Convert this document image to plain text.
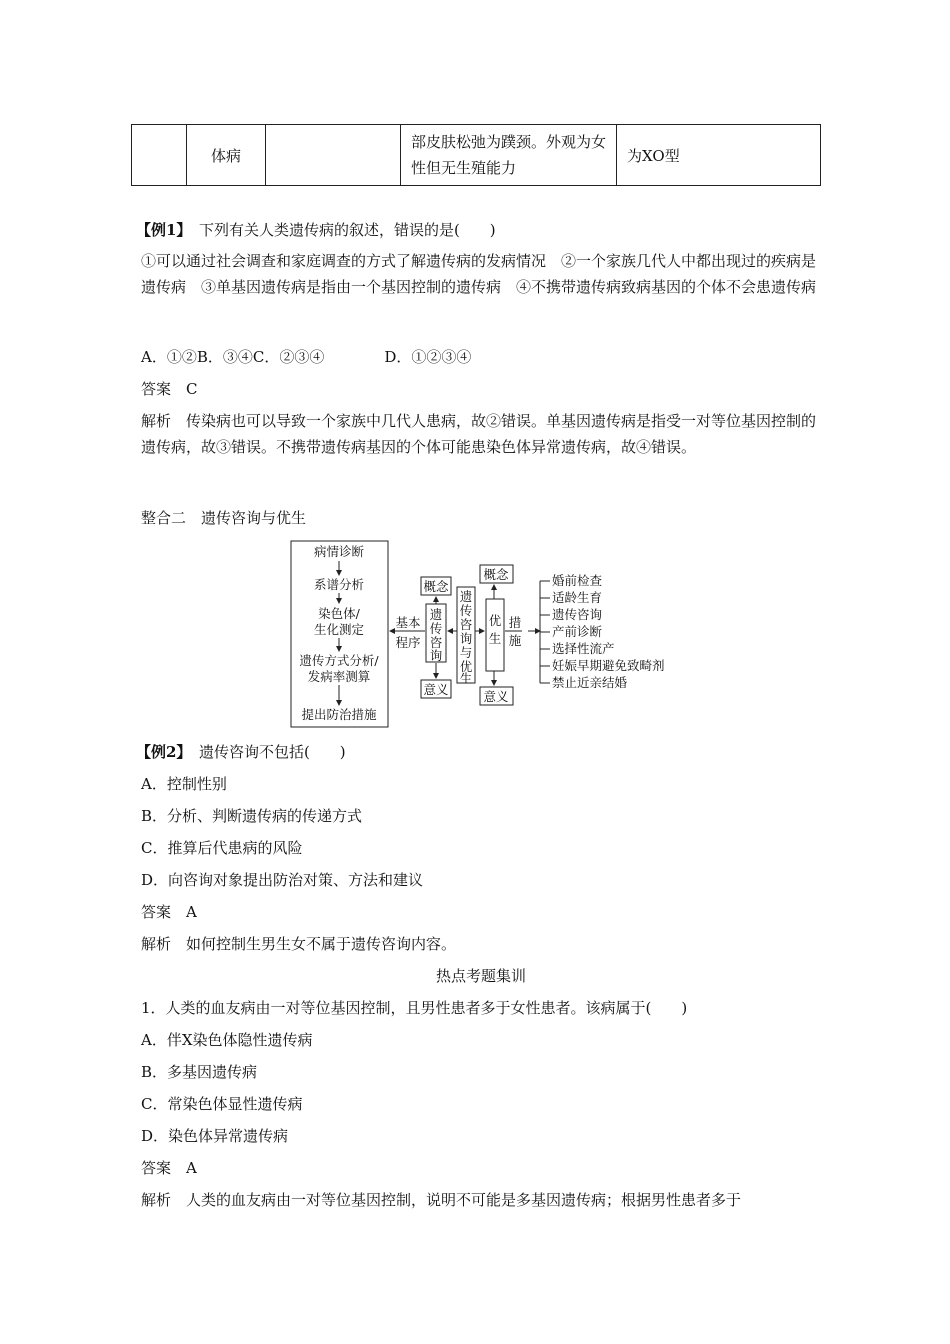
	体病		部皮肤松弛为蹼颈。外观为女性但无生殖能力	为XO型
【例1】　 下列有关人类遗传病的叙述，错误的是(　　)

①可以通过社会调查和家庭调查的方式了解遗传病的发病情况　②一个家族几代人中都出现过的疾病是遗传病　③单基因遗传病是指由一个基因控制的遗传病　④不携带遗传病致病基因的个体不会患遗传病

A．①②B．③④C．②③④　　　　D．①②③④
答案　C

解析　传染病也可以导致一个家族中几代人患病，故②错误。单基因遗传病是指受一对等位基因控制的遗传病，故③错误。不携带遗传病基因的个体可能患染色体异常遗传病，故④错误。

整合二　遗传咨询与优生
病情诊断
系谱分析
染色体/
生化测定
遗传方式分析/
发病率测算
提出防治措施
基本
程序
概念
遗
传
咨
询
意义
遗
传
咨
询
与
优
生
概念
优
生
意义
措
施
婚前检查
适龄生育
遗传咨询
产前诊断
选择性流产
妊娠早期避免致畸剂
禁止近亲结婚
【例2】　 遗传咨询不包括(　　)
A．控制性别
B．分析、判断遗传病的传递方式
C．推算后代患病的风险
D．向咨询对象提出防治对策、方法和建议
答案　A
解析　如何控制生男生女不属于遗传咨询内容。
热点考题集训
1．人类的血友病由一对等位基因控制，且男性患者多于女性患者。该病属于(　　)
A．伴X染色体隐性遗传病
B．多基因遗传病
C．常染色体显性遗传病
D．染色体异常遗传病
答案　A
解析　人类的血友病由一对等位基因控制，说明不可能是多基因遗传病；根据男性患者多于
